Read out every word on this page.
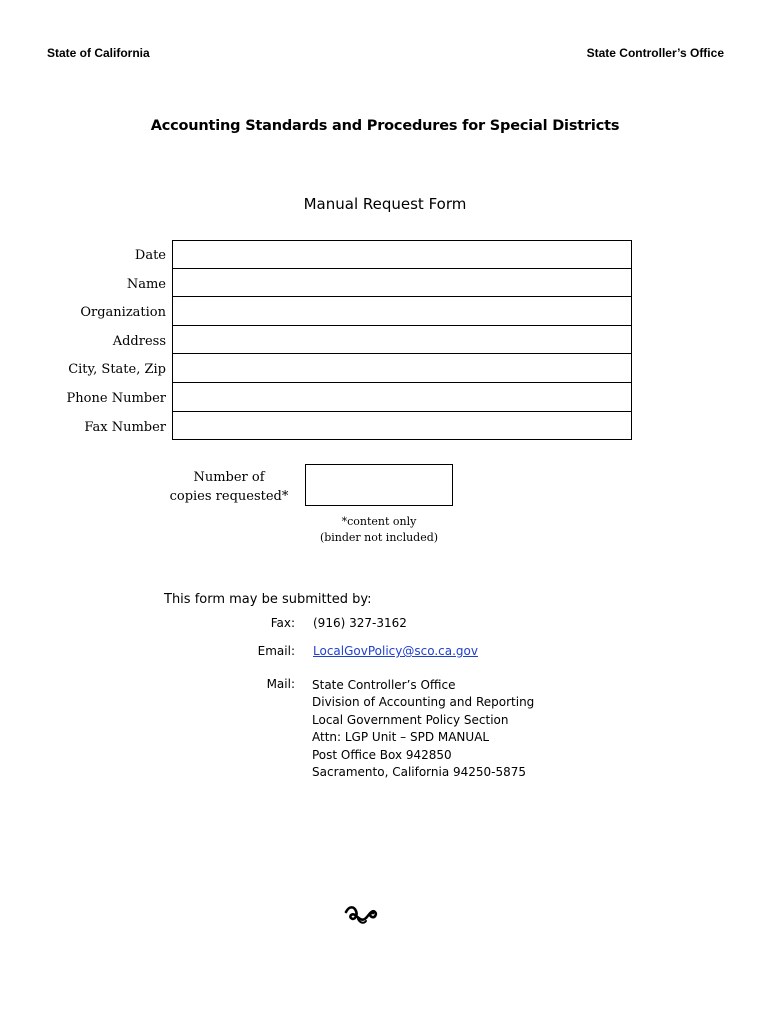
State of California	State Controller’s Office
Accounting Standards and Procedures for Special Districts
Manual Request Form
Date
Name
Organization
Address
City, State, Zip
Phone Number
Fax Number
Number of
copies requested*
*content only
(binder not included)
This form may be submitted by:
Fax: (916) 327-3162
Email: LocalGovPolicy@sco.ca.gov
Mail: State Controller’s Office
Division of Accounting and Reporting
Local Government Policy Section
Attn: LGP Unit – SPD MANUAL
Post Office Box 942850
Sacramento, California 94250-5875
